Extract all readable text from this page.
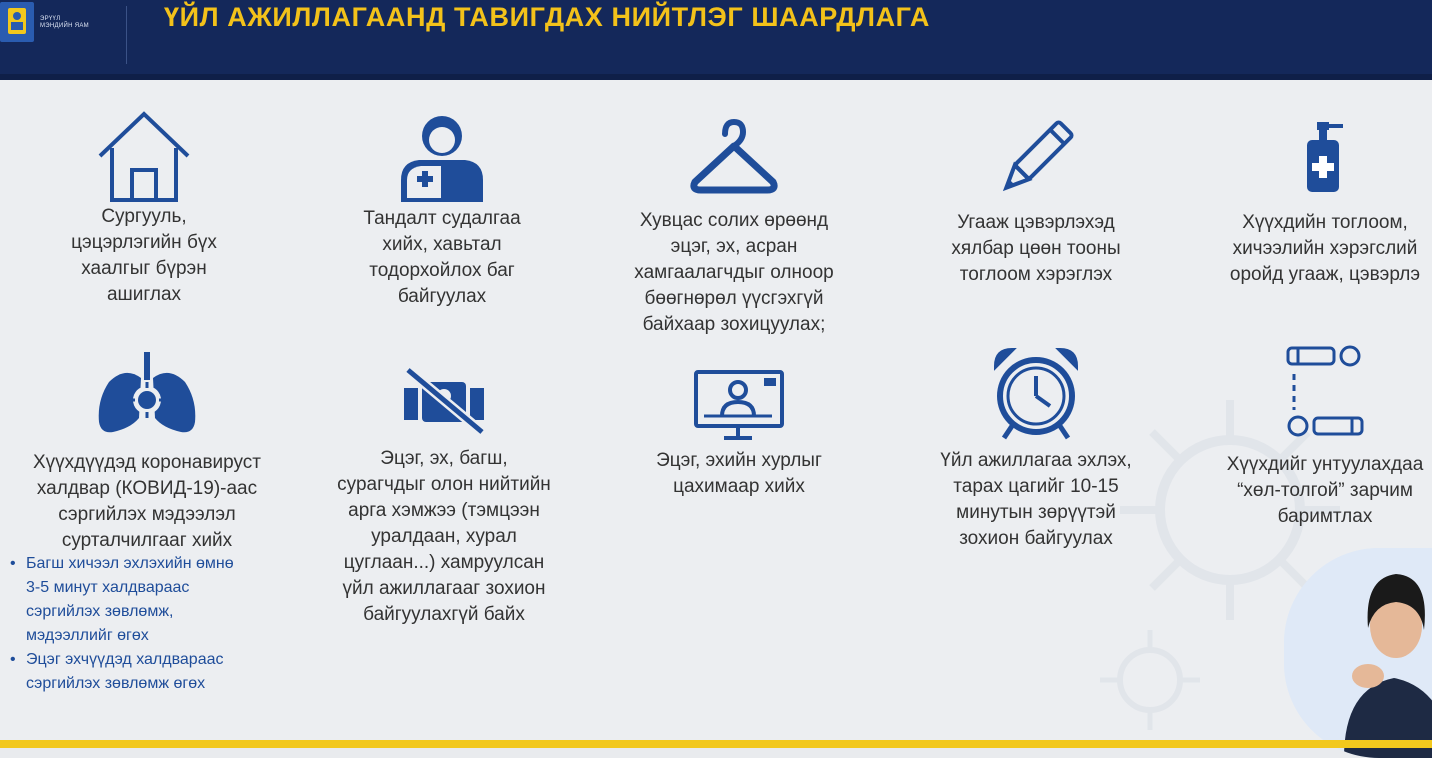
ЭРҮҮЛ
МЭНДИЙН ЯАМ	ҮЙЛ АЖИЛЛАГААНД ТАВИГДАХ НИЙТЛЭГ ШААРДЛАГА
Сургууль,
цэцэрлэгийн бүх
хаалгыг бүрэн
ашиглах
Тандалт судалгаа
хийх, хавьтал
тодорхойлох баг
байгуулах
Хувцас солих өрөөнд
эцэг, эх, асран
хамгаалагчдыг олноор
бөөгнөрөл үүсгэхгүй
байхаар зохицуулах;
Угааж цэвэрлэхэд
хялбар цөөн тооны
тоглоом хэрэглэх
Хүүхдийн тоглоом,
хичээлийн хэрэгслий
оройд угааж, цэвэрлэ
Хүүхдүүдэд коронавируст
халдвар (КОВИД-19)-аас
сэргийлэх мэдээлэл
сурталчилгааг хийх
• Багш хичээл эхлэхийн өмнө
3-5 минут халдвараас
сэргийлэх зөвлөмж,
мэдээллийг өгөх
• Эцэг эхчүүдэд халдвараас
сэргийлэх зөвлөмж өгөх
Эцэг, эх, багш,
сурагчдыг олон нийтийн
арга хэмжээ (тэмцээн
уралдаан, хурал
цуглаан...) хамруулсан
үйл ажиллагааг зохион
байгуулахгүй байх
Эцэг, эхийн хурлыг
цахимаар хийх
Үйл ажиллагаа эхлэх,
тарах цагийг 10-15
минутын зөрүүтэй
зохион байгуулах
Хүүхдийг унтуулахдаа
“хөл-толгой” зарчим
баримтлах
